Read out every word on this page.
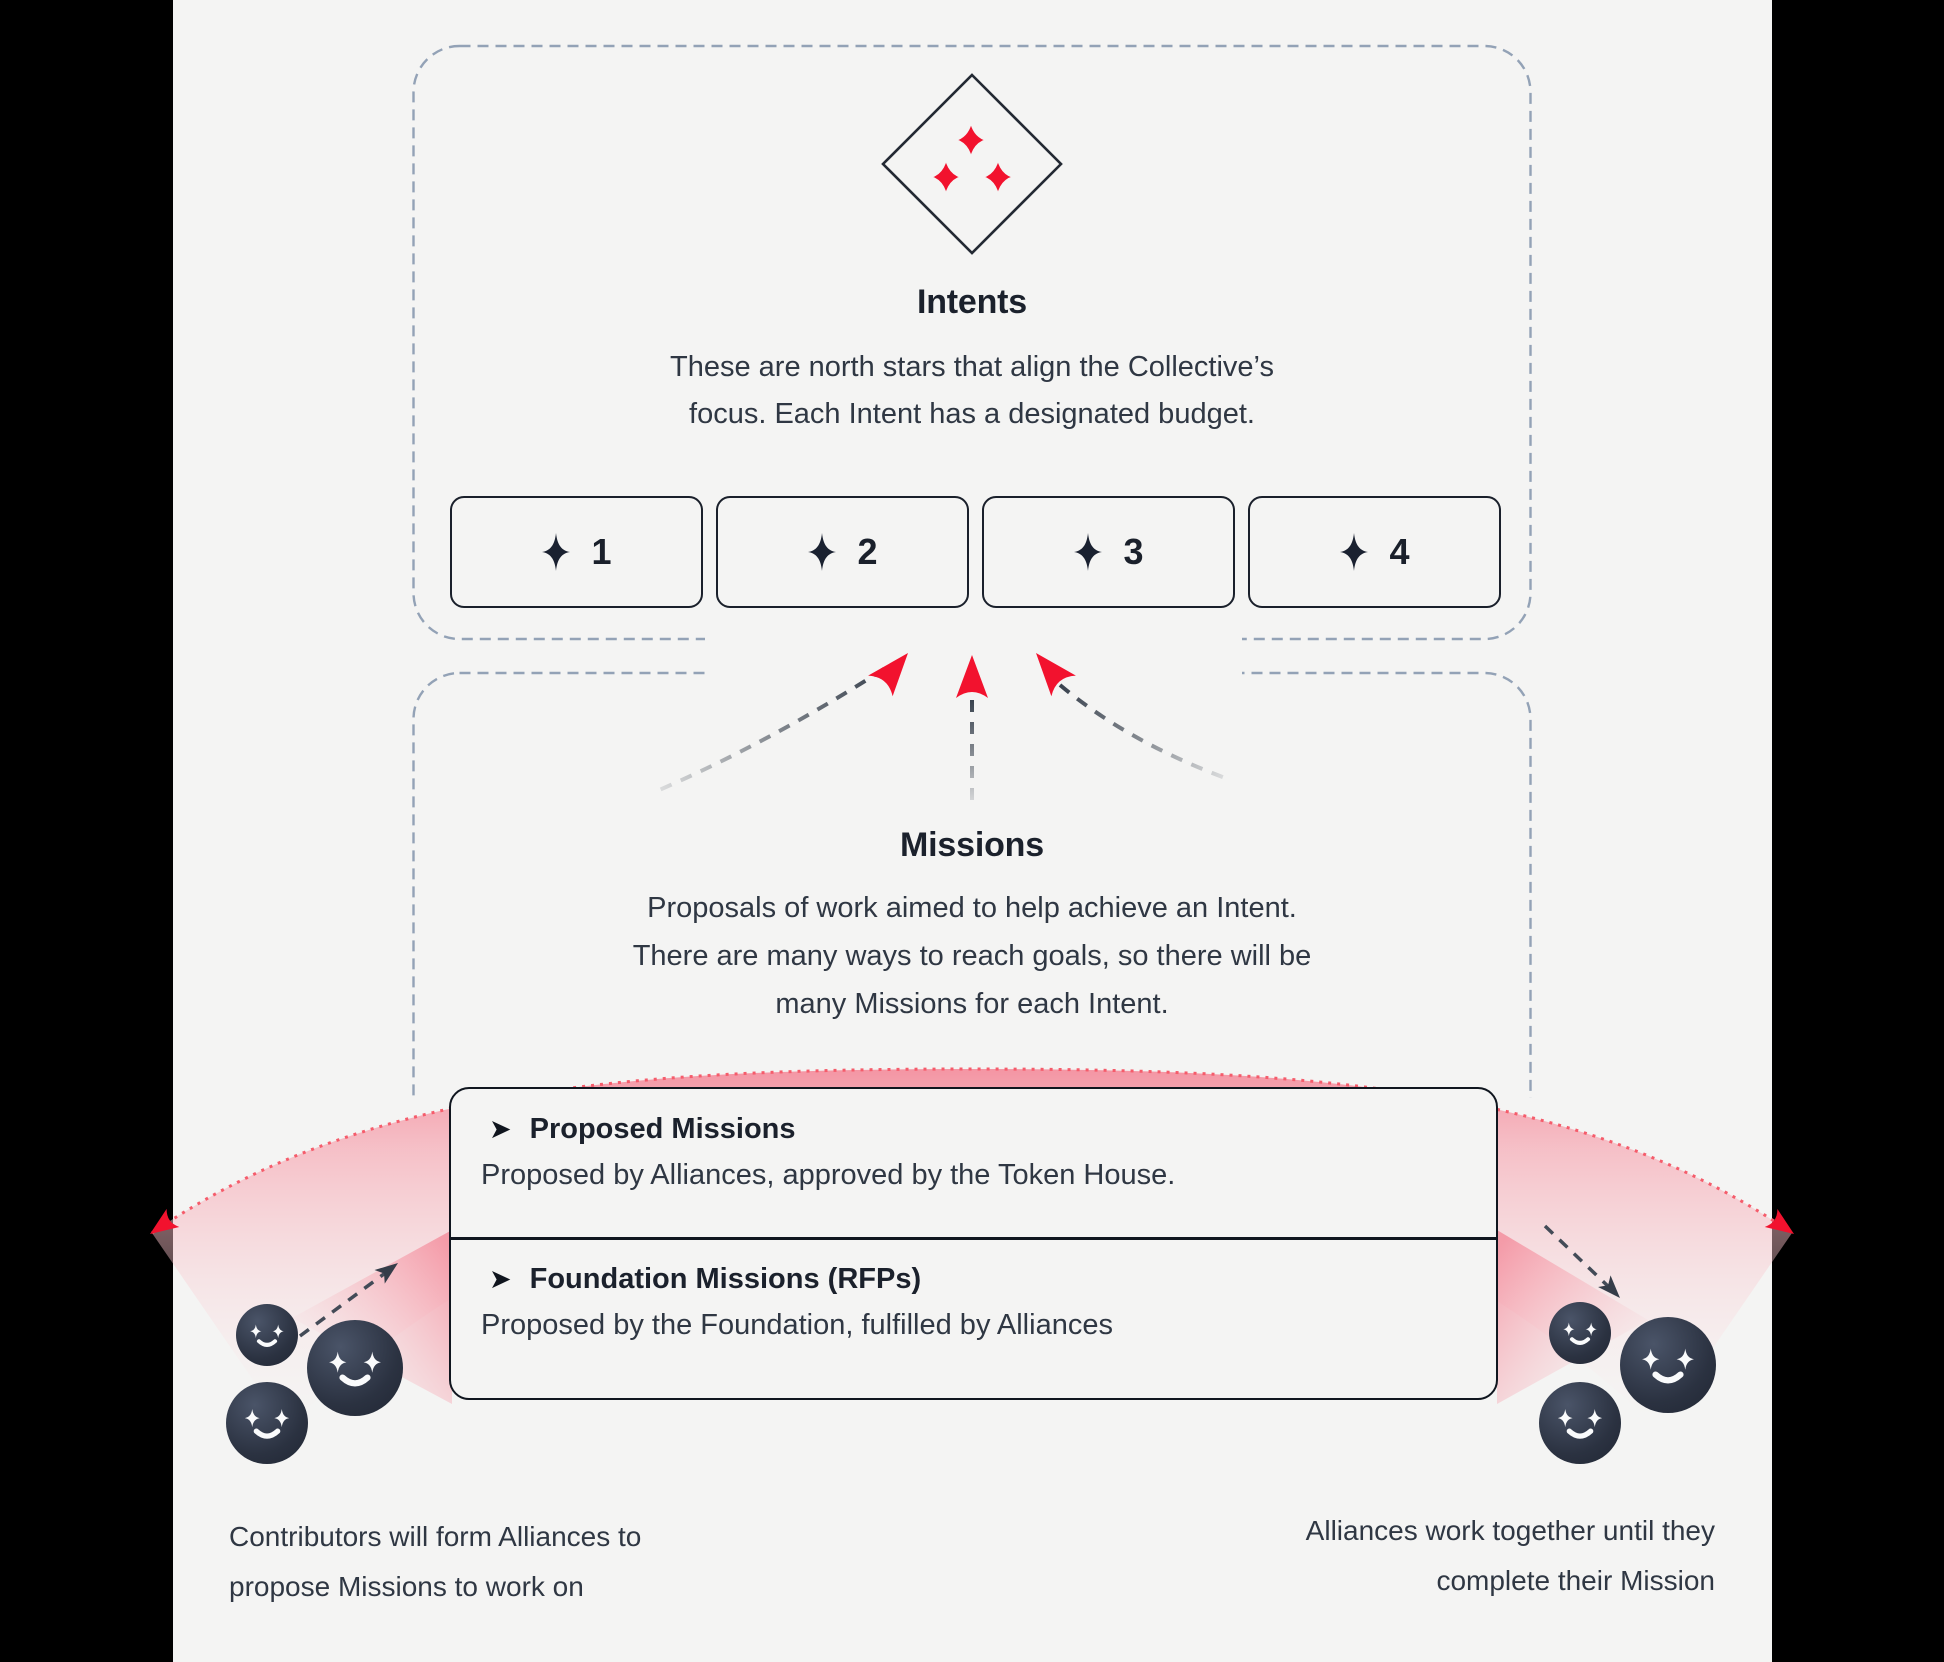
Intents
These are north stars that align the Collective’s
focus. Each Intent has a designated budget.
1	2	3	4
Missions
Proposals of work aimed to help achieve an Intent.
There are many ways to reach goals, so there will be
many Missions for each Intent.
➤ Proposed Missions
Proposed by Alliances, approved by the Token House.
➤ Foundation Missions (RFPs)
Proposed by the Foundation, fulfilled by Alliances
Contributors will form Alliances to
propose Missions to work on
Alliances work together until they
complete their Mission
